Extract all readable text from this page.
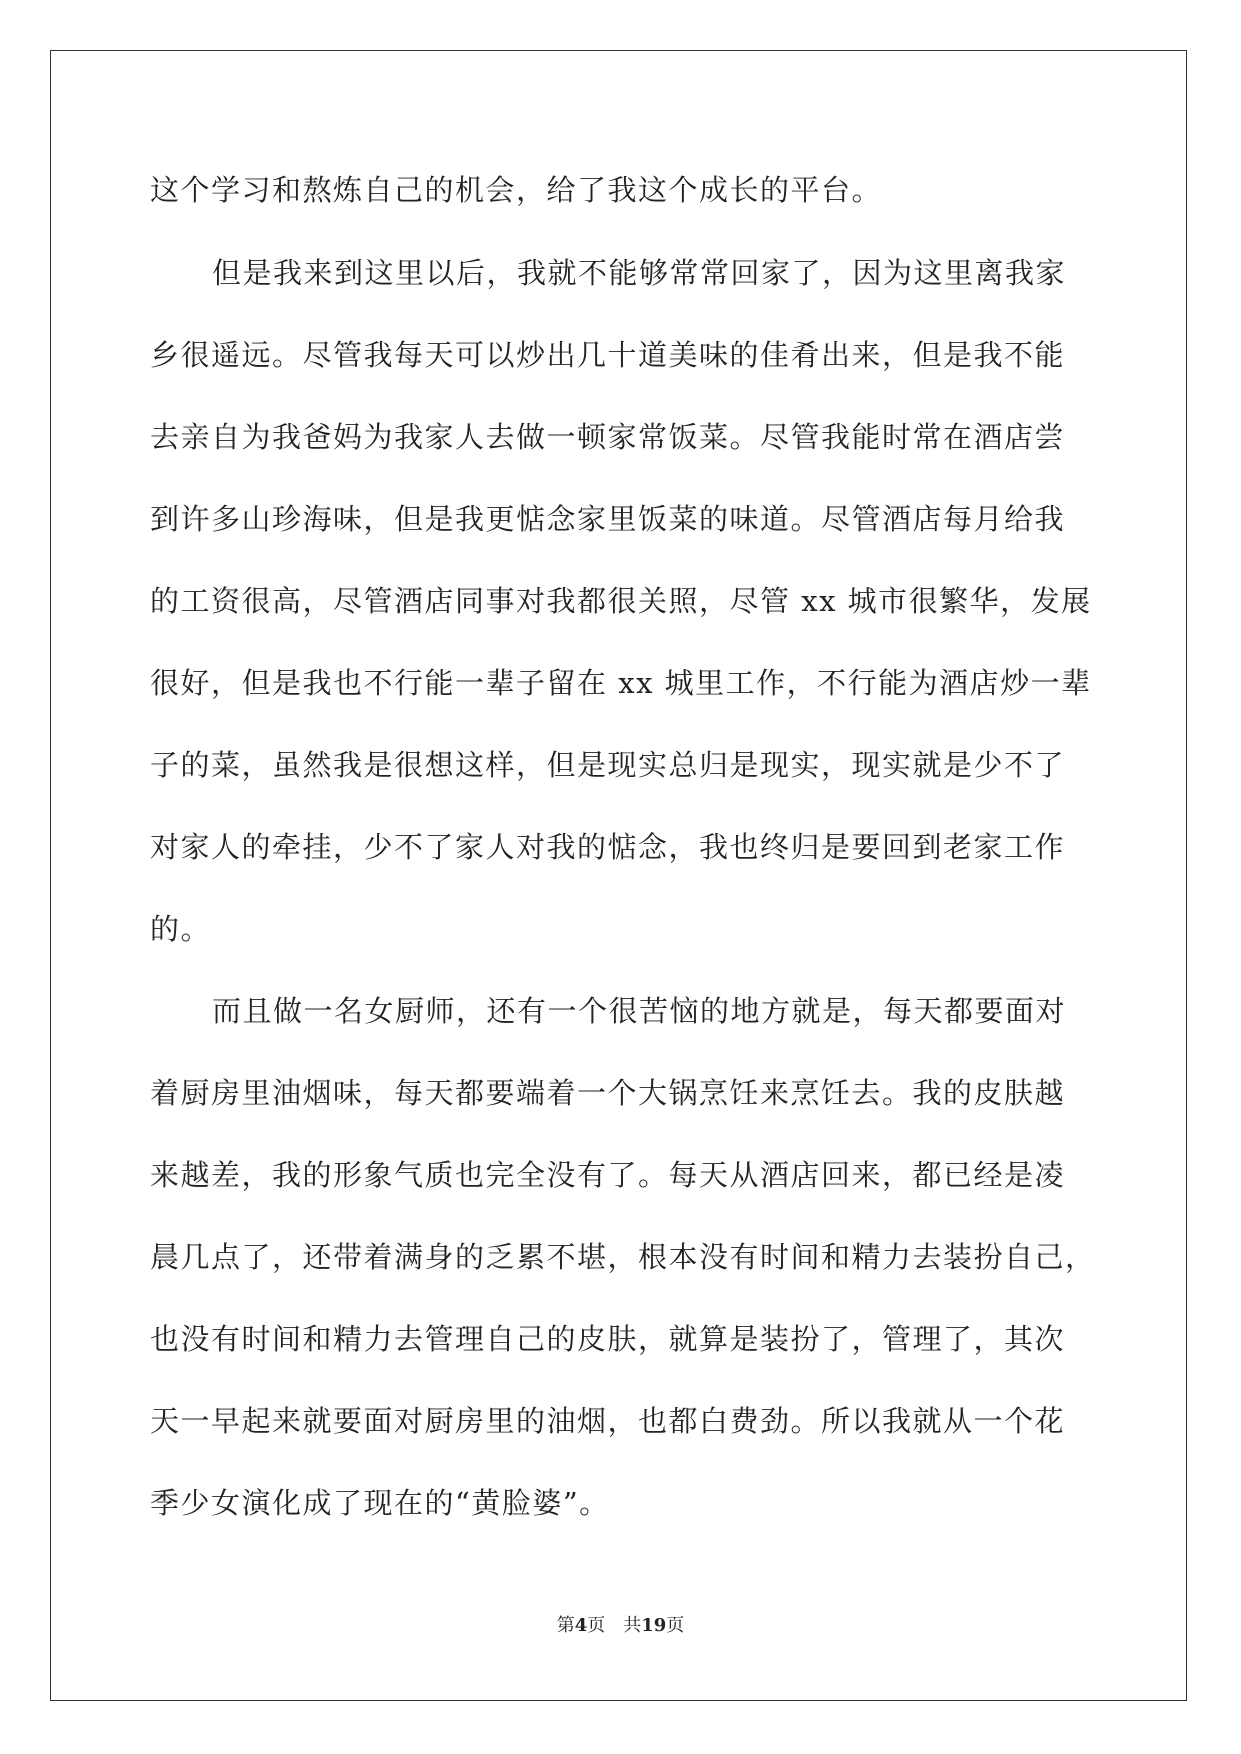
这个学习和熬炼自己的机会，给了我这个成长的平台。
但是我来到这里以后，我就不能够常常回家了，因为这里离我家
乡很遥远。尽管我每天可以炒出几十道美味的佳肴出来，但是我不能
去亲自为我爸妈为我家人去做一顿家常饭菜。尽管我能时常在酒店尝
到许多山珍海味，但是我更惦念家里饭菜的味道。尽管酒店每月给我
的工资很高，尽管酒店同事对我都很关照，尽管 xx 城市很繁华，发展
很好，但是我也不行能一辈子留在 xx 城里工作，不行能为酒店炒一辈
子的菜，虽然我是很想这样，但是现实总归是现实，现实就是少不了
对家人的牵挂，少不了家人对我的惦念，我也终归是要回到老家工作
的。
而且做一名女厨师，还有一个很苦恼的地方就是，每天都要面对
着厨房里油烟味，每天都要端着一个大锅烹饪来烹饪去。我的皮肤越
来越差，我的形象气质也完全没有了。每天从酒店回来，都已经是凌
晨几点了，还带着满身的乏累不堪，根本没有时间和精力去装扮自己，
也没有时间和精力去管理自己的皮肤，就算是装扮了，管理了，其次
天一早起来就要面对厨房里的油烟，也都白费劲。所以我就从一个花
季少女演化成了现在的“黄脸婆”。
第4页 共19页
